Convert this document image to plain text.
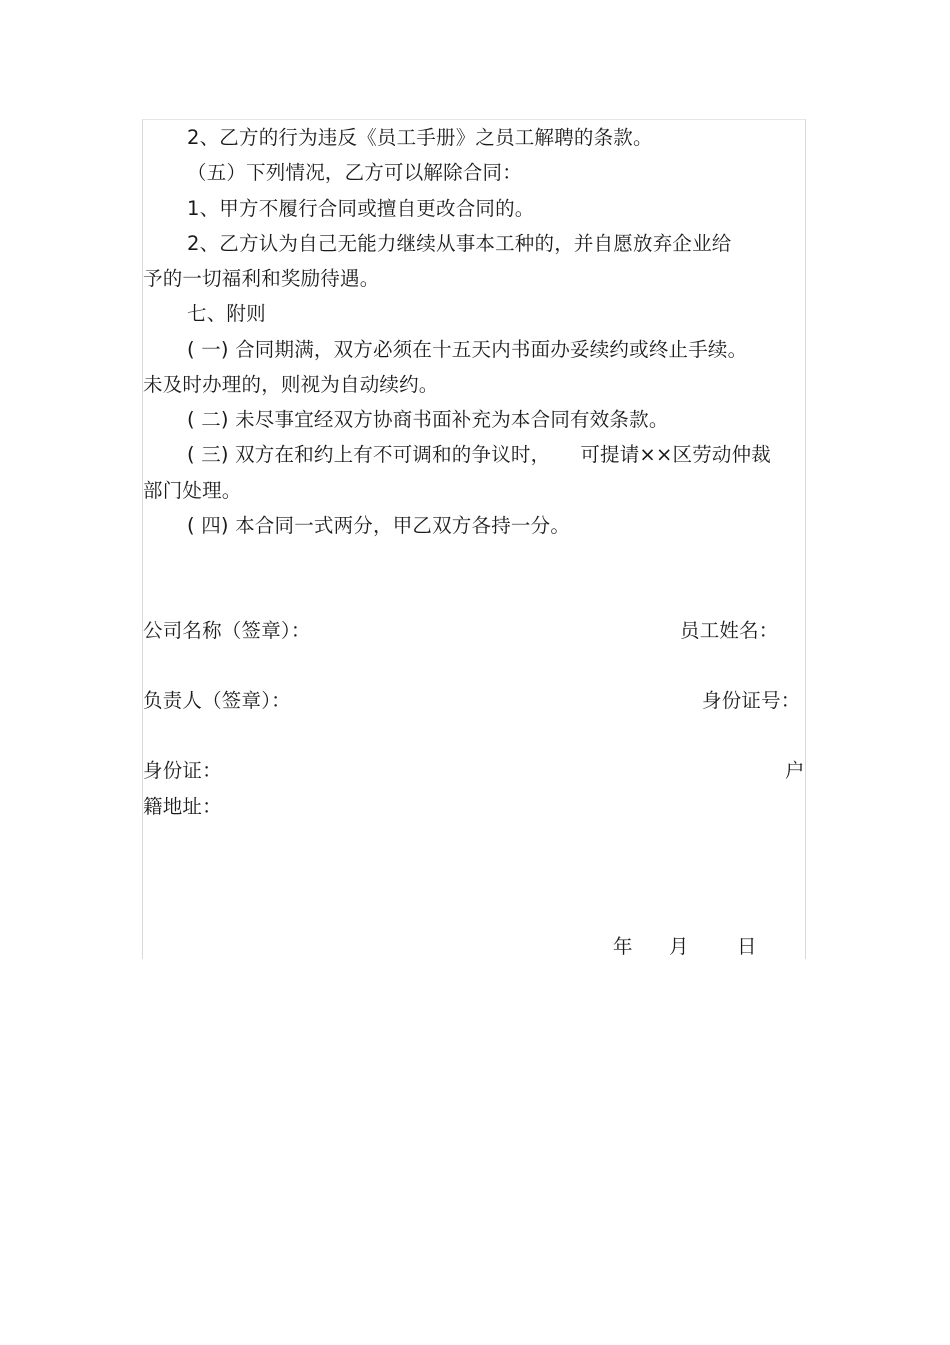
2、乙方的行为违反《员工手册》之员工解聘的条款。
（五）下列情况，乙方可以解除合同：
1、甲方不履行合同或擅自更改合同的。
2、乙方认为自己无能力继续从事本工种的，并自愿放弃企业给
予的一切福利和奖励待遇。
七、附则
( 一) 合同期满，双方必须在十五天内书面办妥续约或终止手续。
未及时办理的，则视为自动续约。
( 二) 未尽事宜经双方协商书面补充为本合同有效条款。
( 三) 双方在和约上有不可调和的争议时， 可提请××区劳动仲裁
部门处理。
( 四) 本合同一式两分，甲乙双方各持一分。
公司名称（签章）：	员工姓名：
负责人（签章）：	身份证号：
身份证：	户
籍地址：
年 月 日
